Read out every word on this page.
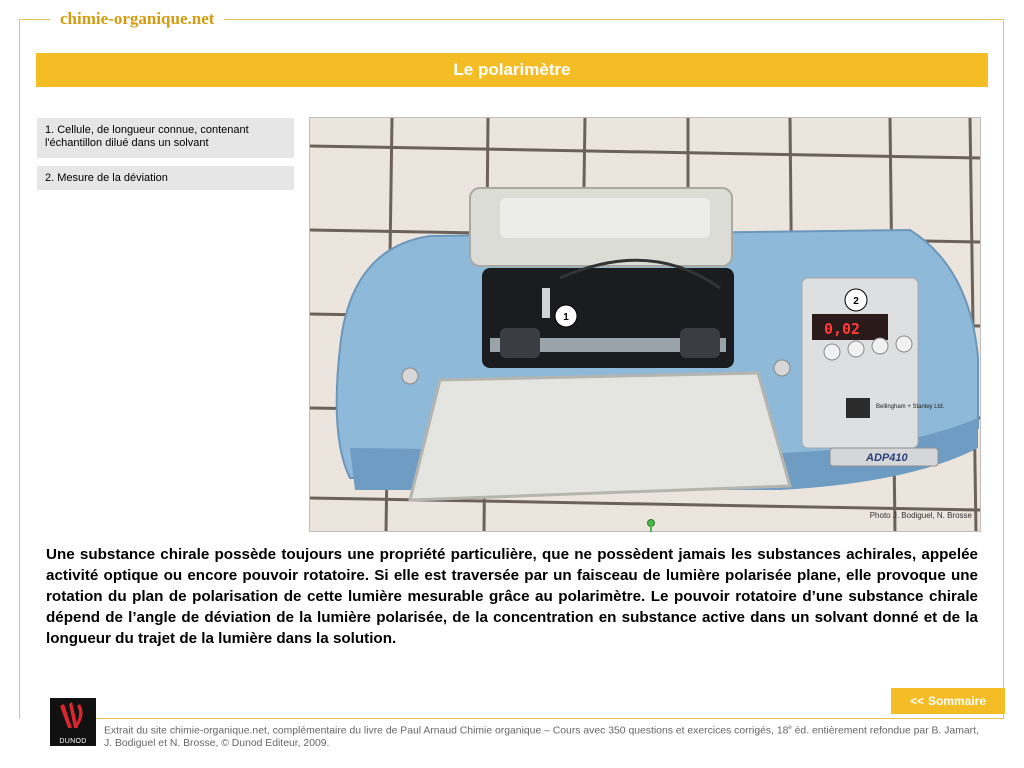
chimie-organique.net
Le polarimètre
1. Cellule, de longueur connue, contenant l'échantillon dilué dans un solvant
2. Mesure de la déviation
0,02
Bellingham + Stanley Ltd.
ADP410
1
2
Photo J. Bodiguel, N. Brosse
Une substance chirale possède toujours une propriété particulière, que ne possèdent jamais les substances achirales, appelée activité optique ou encore pouvoir rotatoire. Si elle est traversée par un faisceau de lumière polarisée plane, elle provoque une rotation du plan de polarisation de cette lumière mesurable grâce au polarimètre. Le pouvoir rotatoire d’une substance chirale dépend de l’angle de déviation de la lumière polarisée, de la concentration en substance active dans un solvant donné et de la longueur du trajet de la lumière dans la solution.
<< Sommaire
DUNOD
Extrait du site chimie-organique.net, complémentaire du livre de Paul Arnaud Chimie organique – Cours avec 350 questions et exercices corrigés, 18e éd. entièrement refondue par B. Jamart, J. Bodiguel et N. Brosse, © Dunod Editeur, 2009.
